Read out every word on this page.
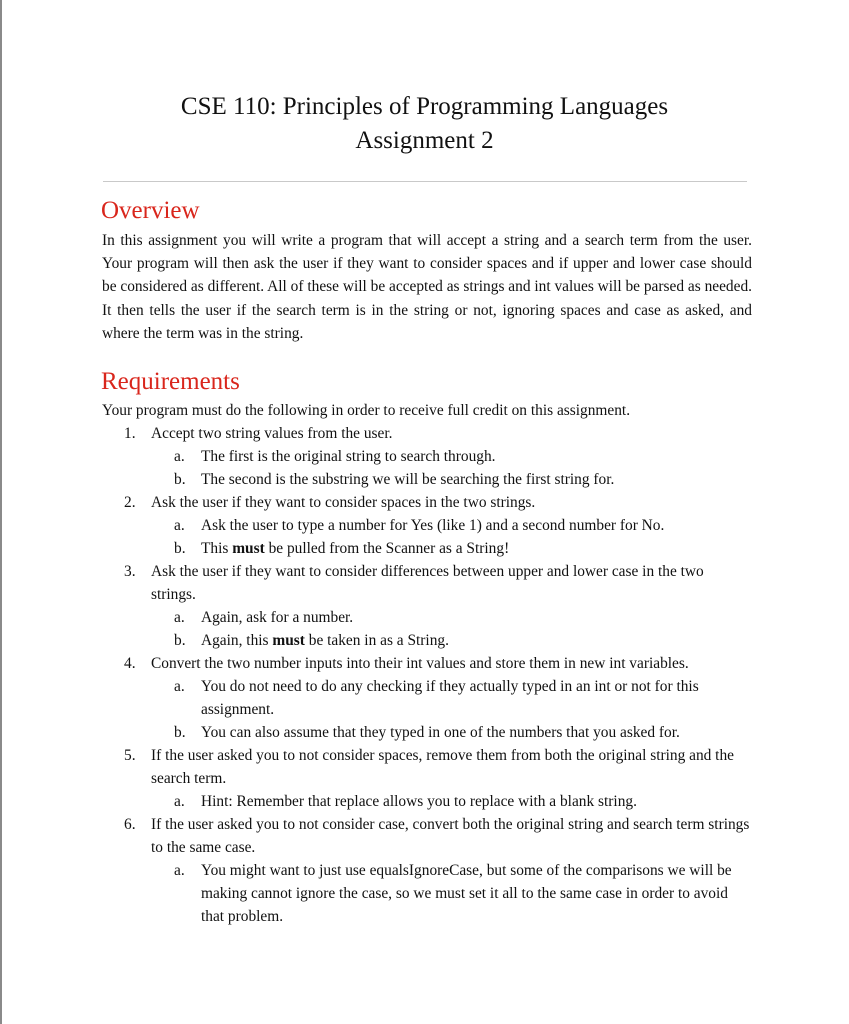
CSE 110: Principles of Programming Languages
Assignment 2
Overview
In this assignment you will write a program that will accept a string and a search term from the user. Your program will then ask the user if they want to consider spaces and if upper and lower case should be considered as different. All of these will be accepted as strings and int values will be parsed as needed. It then tells the user if the search term is in the string or not, ignoring spaces and case as asked, and where the term was in the string.
Requirements
Your program must do the following in order to receive full credit on this assignment.
1.	Accept two string values from the user.
a.	The first is the original string to search through.
b.	The second is the substring we will be searching the first string for.
2.	Ask the user if they want to consider spaces in the two strings.
a.	Ask the user to type a number for Yes (like 1) and a second number for No.
b.	This must be pulled from the Scanner as a String!
3.	Ask the user if they want to consider differences between upper and lower case in the two strings.
a.	Again, ask for a number.
b.	Again, this must be taken in as a String.
4.	Convert the two number inputs into their int values and store them in new int variables.
a.	You do not need to do any checking if they actually typed in an int or not for this assignment.
b.	You can also assume that they typed in one of the numbers that you asked for.
5.	If the user asked you to not consider spaces, remove them from both the original string and the search term.
a.	Hint: Remember that replace allows you to replace with a blank string.
6.	If the user asked you to not consider case, convert both the original string and search term strings to the same case.
a.	You might want to just use equalsIgnoreCase, but some of the comparisons we will be making cannot ignore the case, so we must set it all to the same case in order to avoid that problem.
